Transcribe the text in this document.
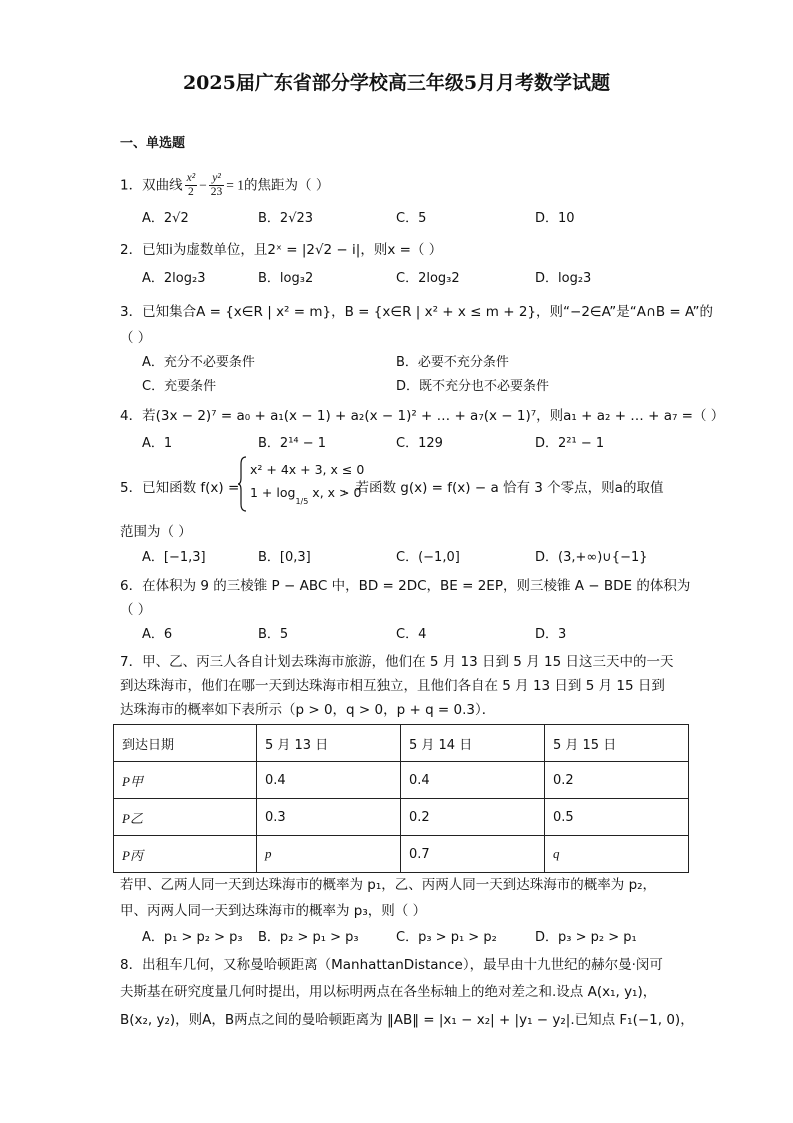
2025届广东省部分学校高三年级5月月考数学试题
一、单选题
1．双曲线 $\frac{\text{x²}}{2} - \frac{\text{y²}}{23} = 1$的焦距为（ ）
A．2√2	B．2√23	C．5	D．10
2．已知i为虚数单位，且2ˣ = |2√2 − i|，则x =（ ）
A．2log₂3	B．log₃2	C．2log₃2	D．log₂3
3．已知集合A = {x∈R | x² = m}，B = {x∈R | x² + x ≤ m + 2}，则“−2∈A”是“A∩B = A”的
（ ）
A．充分不必要条件	B．必要不充分条件
C．充要条件	D．既不充分也不必要条件
4．若(3x − 2)⁷ = a₀ + a₁(x − 1) + a₂(x − 1)² + … + a₇(x − 1)⁷，则a₁ + a₂ + … + a₇ =（ ）
A．1	B．2¹⁴ − 1	C．129	D．2²¹ − 1
5．已知函数 f(x) =
x² + 4x + 3, x ≤ 0
$1 + \log_{1/5} x$, x > 0
，若函数 g(x) = f(x) − a 恰有 3 个零点，则a的取值
范围为（ ）
A．[−1,3]	B．[0,3]	C．(−1,0]	D．(3,+∞)∪{−1}
6．在体积为 9 的三棱锥 P − ABC 中，BD = 2DC，BE = 2EP，则三棱锥 A − BDE 的体积为
（ ）
A．6	B．5	C．4	D．3
7．甲、乙、丙三人各自计划去珠海市旅游，他们在 5 月 13 日到 5 月 15 日这三天中的一天
到达珠海市，他们在哪一天到达珠海市相互独立，且他们各自在 5 月 13 日到 5 月 15 日到
达珠海市的概率如下表所示（p > 0，q > 0，p + q = 0.3）．
到达日期	5 月 13 日	5 月 14 日	5 月 15 日
P甲	0.4	0.4	0.2
P乙	0.3	0.2	0.5
P丙	p	0.7	q
若甲、乙两人同一天到达珠海市的概率为 p₁，乙、丙两人同一天到达珠海市的概率为 p₂，
甲、丙两人同一天到达珠海市的概率为 p₃，则（ ）
A．p₁ > p₂ > p₃ B．p₂ > p₁ > p₃	C．p₃ > p₁ > p₂	D．p₃ > p₂ > p₁
8．出租车几何，又称曼哈顿距离（ManhattanDistance），最早由十九世纪的赫尔曼·闵可
夫斯基在研究度量几何时提出，用以标明两点在各坐标轴上的绝对差之和.设点 A(x₁, y₁)，
B(x₂, y₂)，则A，B两点之间的曼哈顿距离为 ‖AB‖ = |x₁ − x₂| + |y₁ − y₂|.已知点 F₁(−1, 0)，
